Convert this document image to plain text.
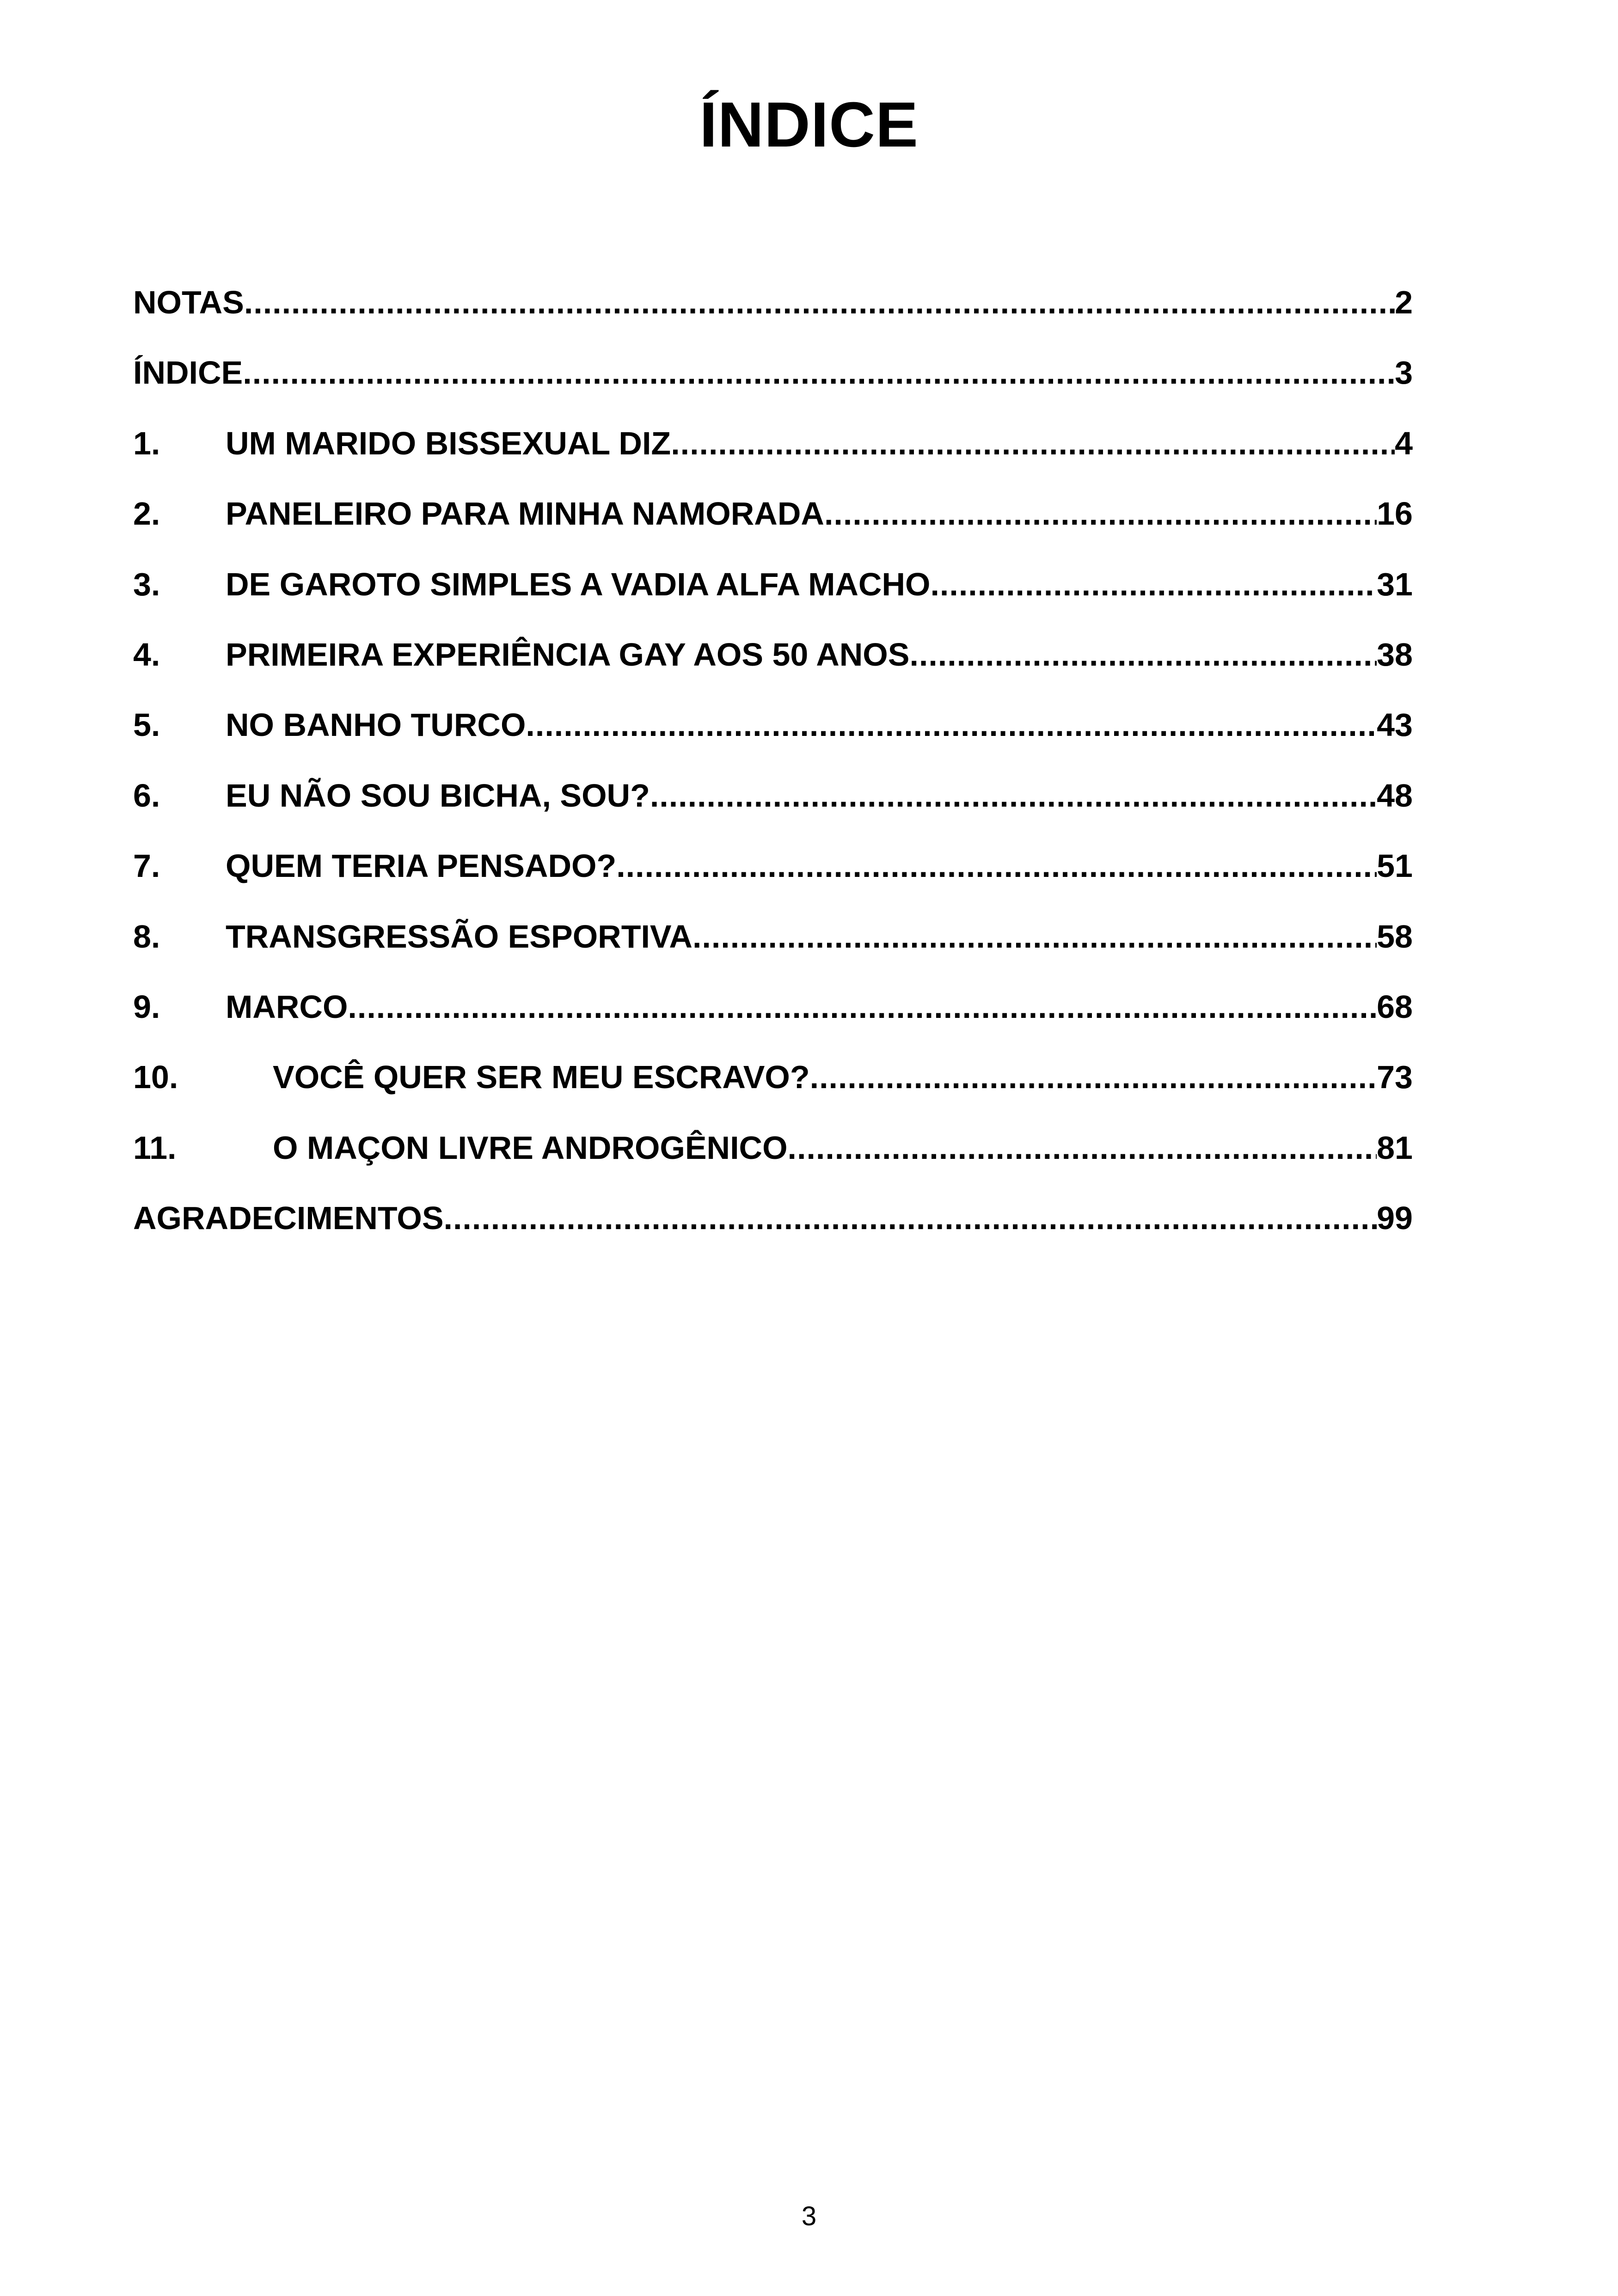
ÍNDICE
NOTAS .....	2
ÍNDICE .....	3
1.	UM MARIDO BISSEXUAL DIZ .....	4
2.	PANELEIRO PARA MINHA NAMORADA .....	16
3.	DE GAROTO SIMPLES A VADIA ALFA MACHO .....	31
4.	PRIMEIRA EXPERIÊNCIA GAY AOS 50 ANOS .....	38
5.	NO BANHO TURCO .....	43
6.	EU NÃO SOU BICHA, SOU? .....	48
7.	QUEM TERIA PENSADO? .....	51
8.	TRANSGRESSÃO ESPORTIVA .....	58
9.	MARCO .....	68
10.	VOCÊ QUER SER MEU ESCRAVO? .....	73
11.	O MAÇON LIVRE ANDROGÊNICO .....	81
AGRADECIMENTOS .....	99
3
